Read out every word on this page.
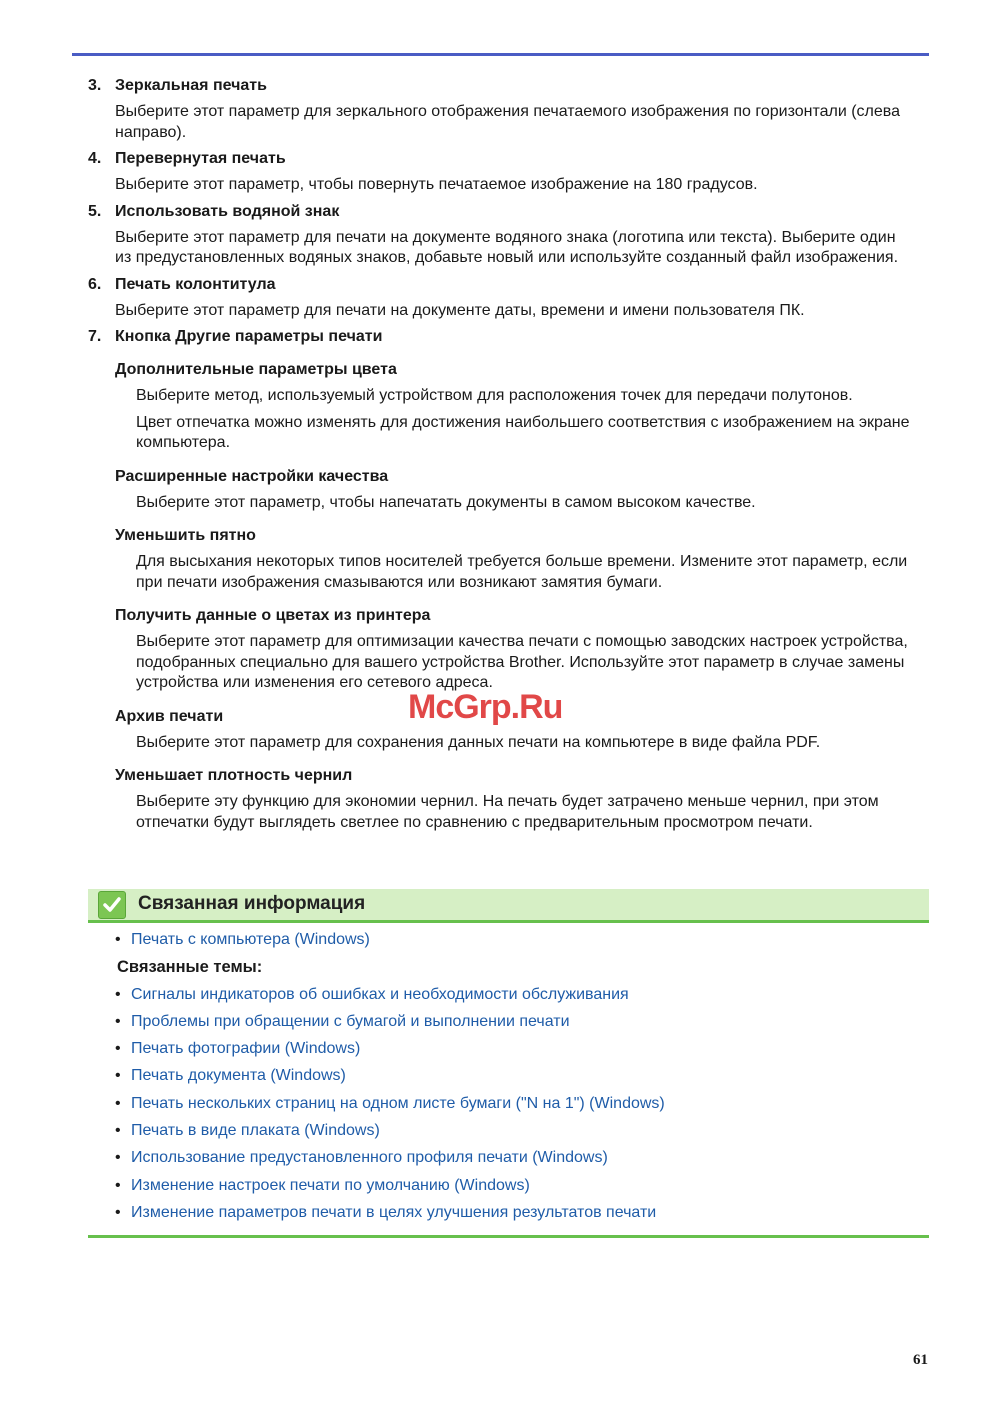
3. Зеркальная печать
Выберите этот параметр для зеркального отображения печатаемого изображения по горизонтали (слева направо).
4. Перевернутая печать
Выберите этот параметр, чтобы повернуть печатаемое изображение на 180 градусов.
5. Использовать водяной знак
Выберите этот параметр для печати на документе водяного знака (логотипа или текста). Выберите один из предустановленных водяных знаков, добавьте новый или используйте созданный файл изображения.
6. Печать колонтитула
Выберите этот параметр для печати на документе даты, времени и имени пользователя ПК.
7. Кнопка Другие параметры печати
Дополнительные параметры цвета
Выберите метод, используемый устройством для расположения точек для передачи полутонов.
Цвет отпечатка можно изменять для достижения наибольшего соответствия с изображением на экране компьютера.
Расширенные настройки качества
Выберите этот параметр, чтобы напечатать документы в самом высоком качестве.
Уменьшить пятно
Для высыхания некоторых типов носителей требуется больше времени. Измените этот параметр, если при печати изображения смазываются или возникают замятия бумаги.
Получить данные о цветах из принтера
Выберите этот параметр для оптимизации качества печати с помощью заводских настроек устройства, подобранных специально для вашего устройства Brother. Используйте этот параметр в случае замены устройства или изменения его сетевого адреса.
Архив печати
Выберите этот параметр для сохранения данных печати на компьютере в виде файла PDF.
Уменьшает плотность чернил
Выберите эту функцию для экономии чернил. На печать будет затрачено меньше чернил, при этом отпечатки будут выглядеть светлее по сравнению с предварительным просмотром печати.
McGrp.Ru
Связанная информация
• Печать с компьютера (Windows)
Связанные темы:
• Сигналы индикаторов об ошибках и необходимости обслуживания
• Проблемы при обращении с бумагой и выполнении печати
• Печать фотографии (Windows)
• Печать документа (Windows)
• Печать нескольких страниц на одном листе бумаги ("N на 1") (Windows)
• Печать в виде плаката (Windows)
• Использование предустановленного профиля печати (Windows)
• Изменение настроек печати по умолчанию (Windows)
• Изменение параметров печати в целях улучшения результатов печати
61
